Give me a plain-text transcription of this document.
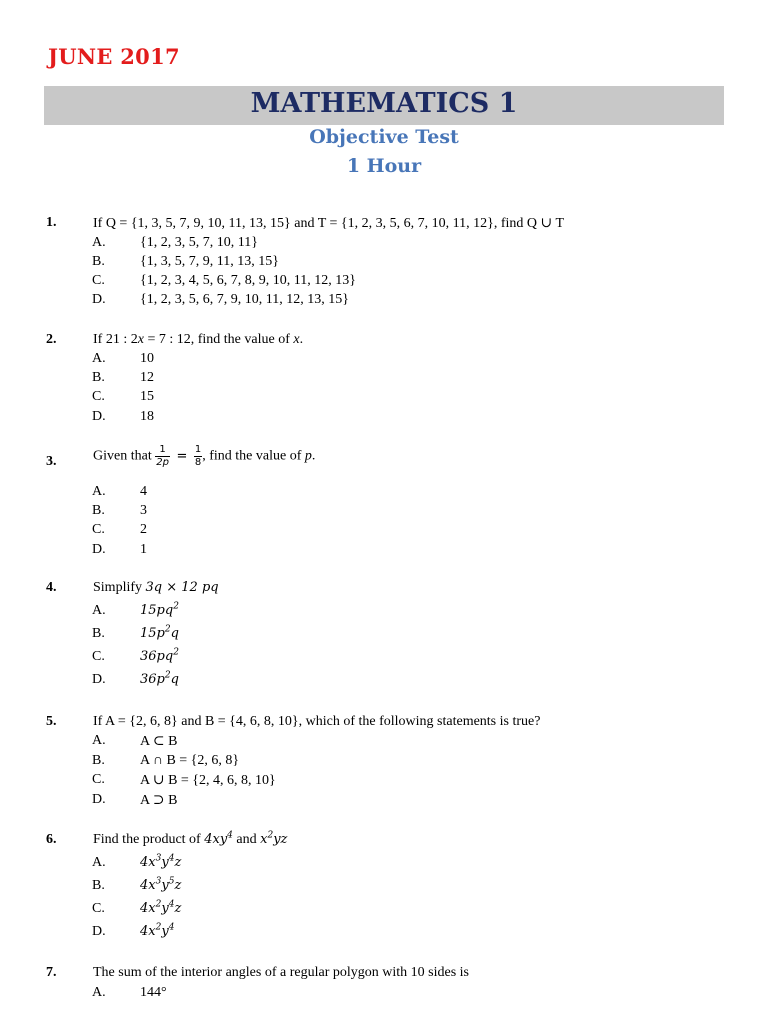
JUNE 2017
MATHEMATICS 1
Objective Test
1 Hour
1.	If Q = {1, 3, 5, 7, 9, 10, 11, 13, 15} and T = {1, 2, 3, 5, 6, 7, 10, 11, 12}, find Q ∪ T
A. {1, 2, 3, 5, 7, 10, 11}
B.	{1, 3, 5, 7, 9, 11, 13, 15}
C.	{1, 2, 3, 4, 5, 6, 7, 8, 9, 10, 11, 12, 13}
D. {1, 2, 3, 5, 6, 7, 9, 10, 11, 12, 13, 15}
2.	If 21 : 2x = 7 : 12, find the value of x.
A. 10
B.	12
C.	15
D. 18
3.	Given that $\frac{1}{2p} = \frac{1}{8}$ , find the value of p.
A. 4
B.	3
C.	2
D. 1
4.	Simplify 3q × 12 pq
A.	$15pq^2$
B.	$15p^2q$
C.	$36pq^2$
D.	$36p^2q$
5.	If A = {2, 6, 8} and B = {4, 6, 8, 10}, which of the following statements is true?
A. A ⊂ B
B.	A ∩ B = {2, 6, 8}
C.	A ∪ B = {2, 4, 6, 8, 10}
D. A ⊃ B
6.	Find the product of $4xy^4$ and $x^2yz$
A.	$4x^3y^4z$
B.	$4x^3y^5z$
C.	$4x^2y^4z$
D.	$4x^2y^4$
7.	The sum of the interior angles of a regular polygon with 10 sides is
A. 144°
